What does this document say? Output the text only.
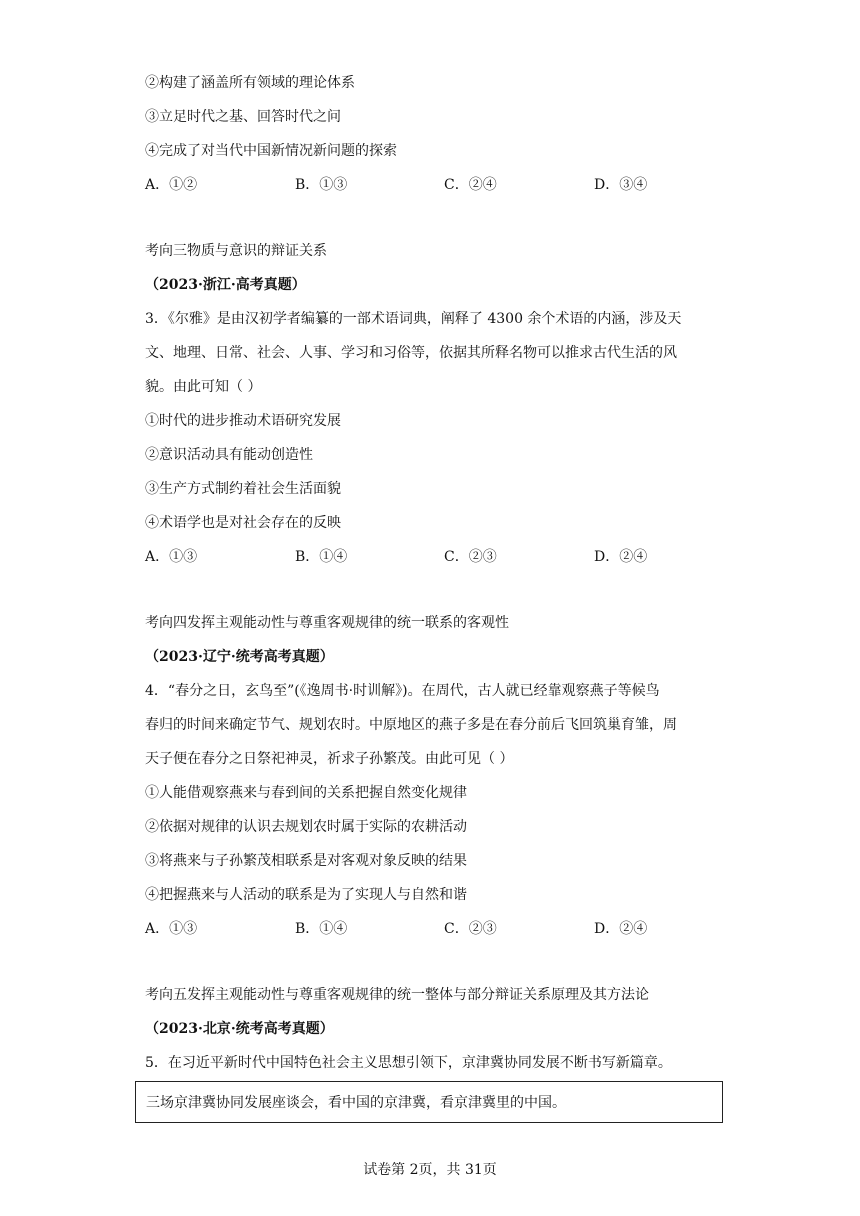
②构建了涵盖所有领域的理论体系
③立足时代之基、回答时代之问
④完成了对当代中国新情况新问题的探索
A．①②	B．①③	C．②④	D．③④
考向三物质与意识的辩证关系
（2023·浙江·高考真题）
3．《尔雅》是由汉初学者编纂的一部术语词典，阐释了 4300 余个术语的内涵，涉及天
文、地理、日常、社会、人事、学习和习俗等，依据其所释名物可以推求古代生活的风
貌。由此可知（ ）
①时代的进步推动术语研究发展
②意识活动具有能动创造性
③生产方式制约着社会生活面貌
④术语学也是对社会存在的反映
A．①③	B．①④	C．②③	D．②④
考向四发挥主观能动性与尊重客观规律的统一联系的客观性
（2023·辽宁·统考高考真题）
4．“春分之日，玄鸟至”(《逸周书·时训解》)。在周代，古人就已经靠观察燕子等候鸟
春归的时间来确定节气、规划农时。中原地区的燕子多是在春分前后飞回筑巢育雏，周
天子便在春分之日祭祀神灵，祈求子孙繁茂。由此可见（ ）
①人能借观察燕来与春到间的关系把握自然变化规律
②依据对规律的认识去规划农时属于实际的农耕活动
③将燕来与子孙繁茂相联系是对客观对象反映的结果
④把握燕来与人活动的联系是为了实现人与自然和谐
A．①③	B．①④	C．②③	D．②④
考向五发挥主观能动性与尊重客观规律的统一整体与部分辩证关系原理及其方法论
（2023·北京·统考高考真题）
5．在习近平新时代中国特色社会主义思想引领下，京津冀协同发展不断书写新篇章。
三场京津冀协同发展座谈会，看中国的京津冀，看京津冀里的中国。
试卷第 2页，共 31页
